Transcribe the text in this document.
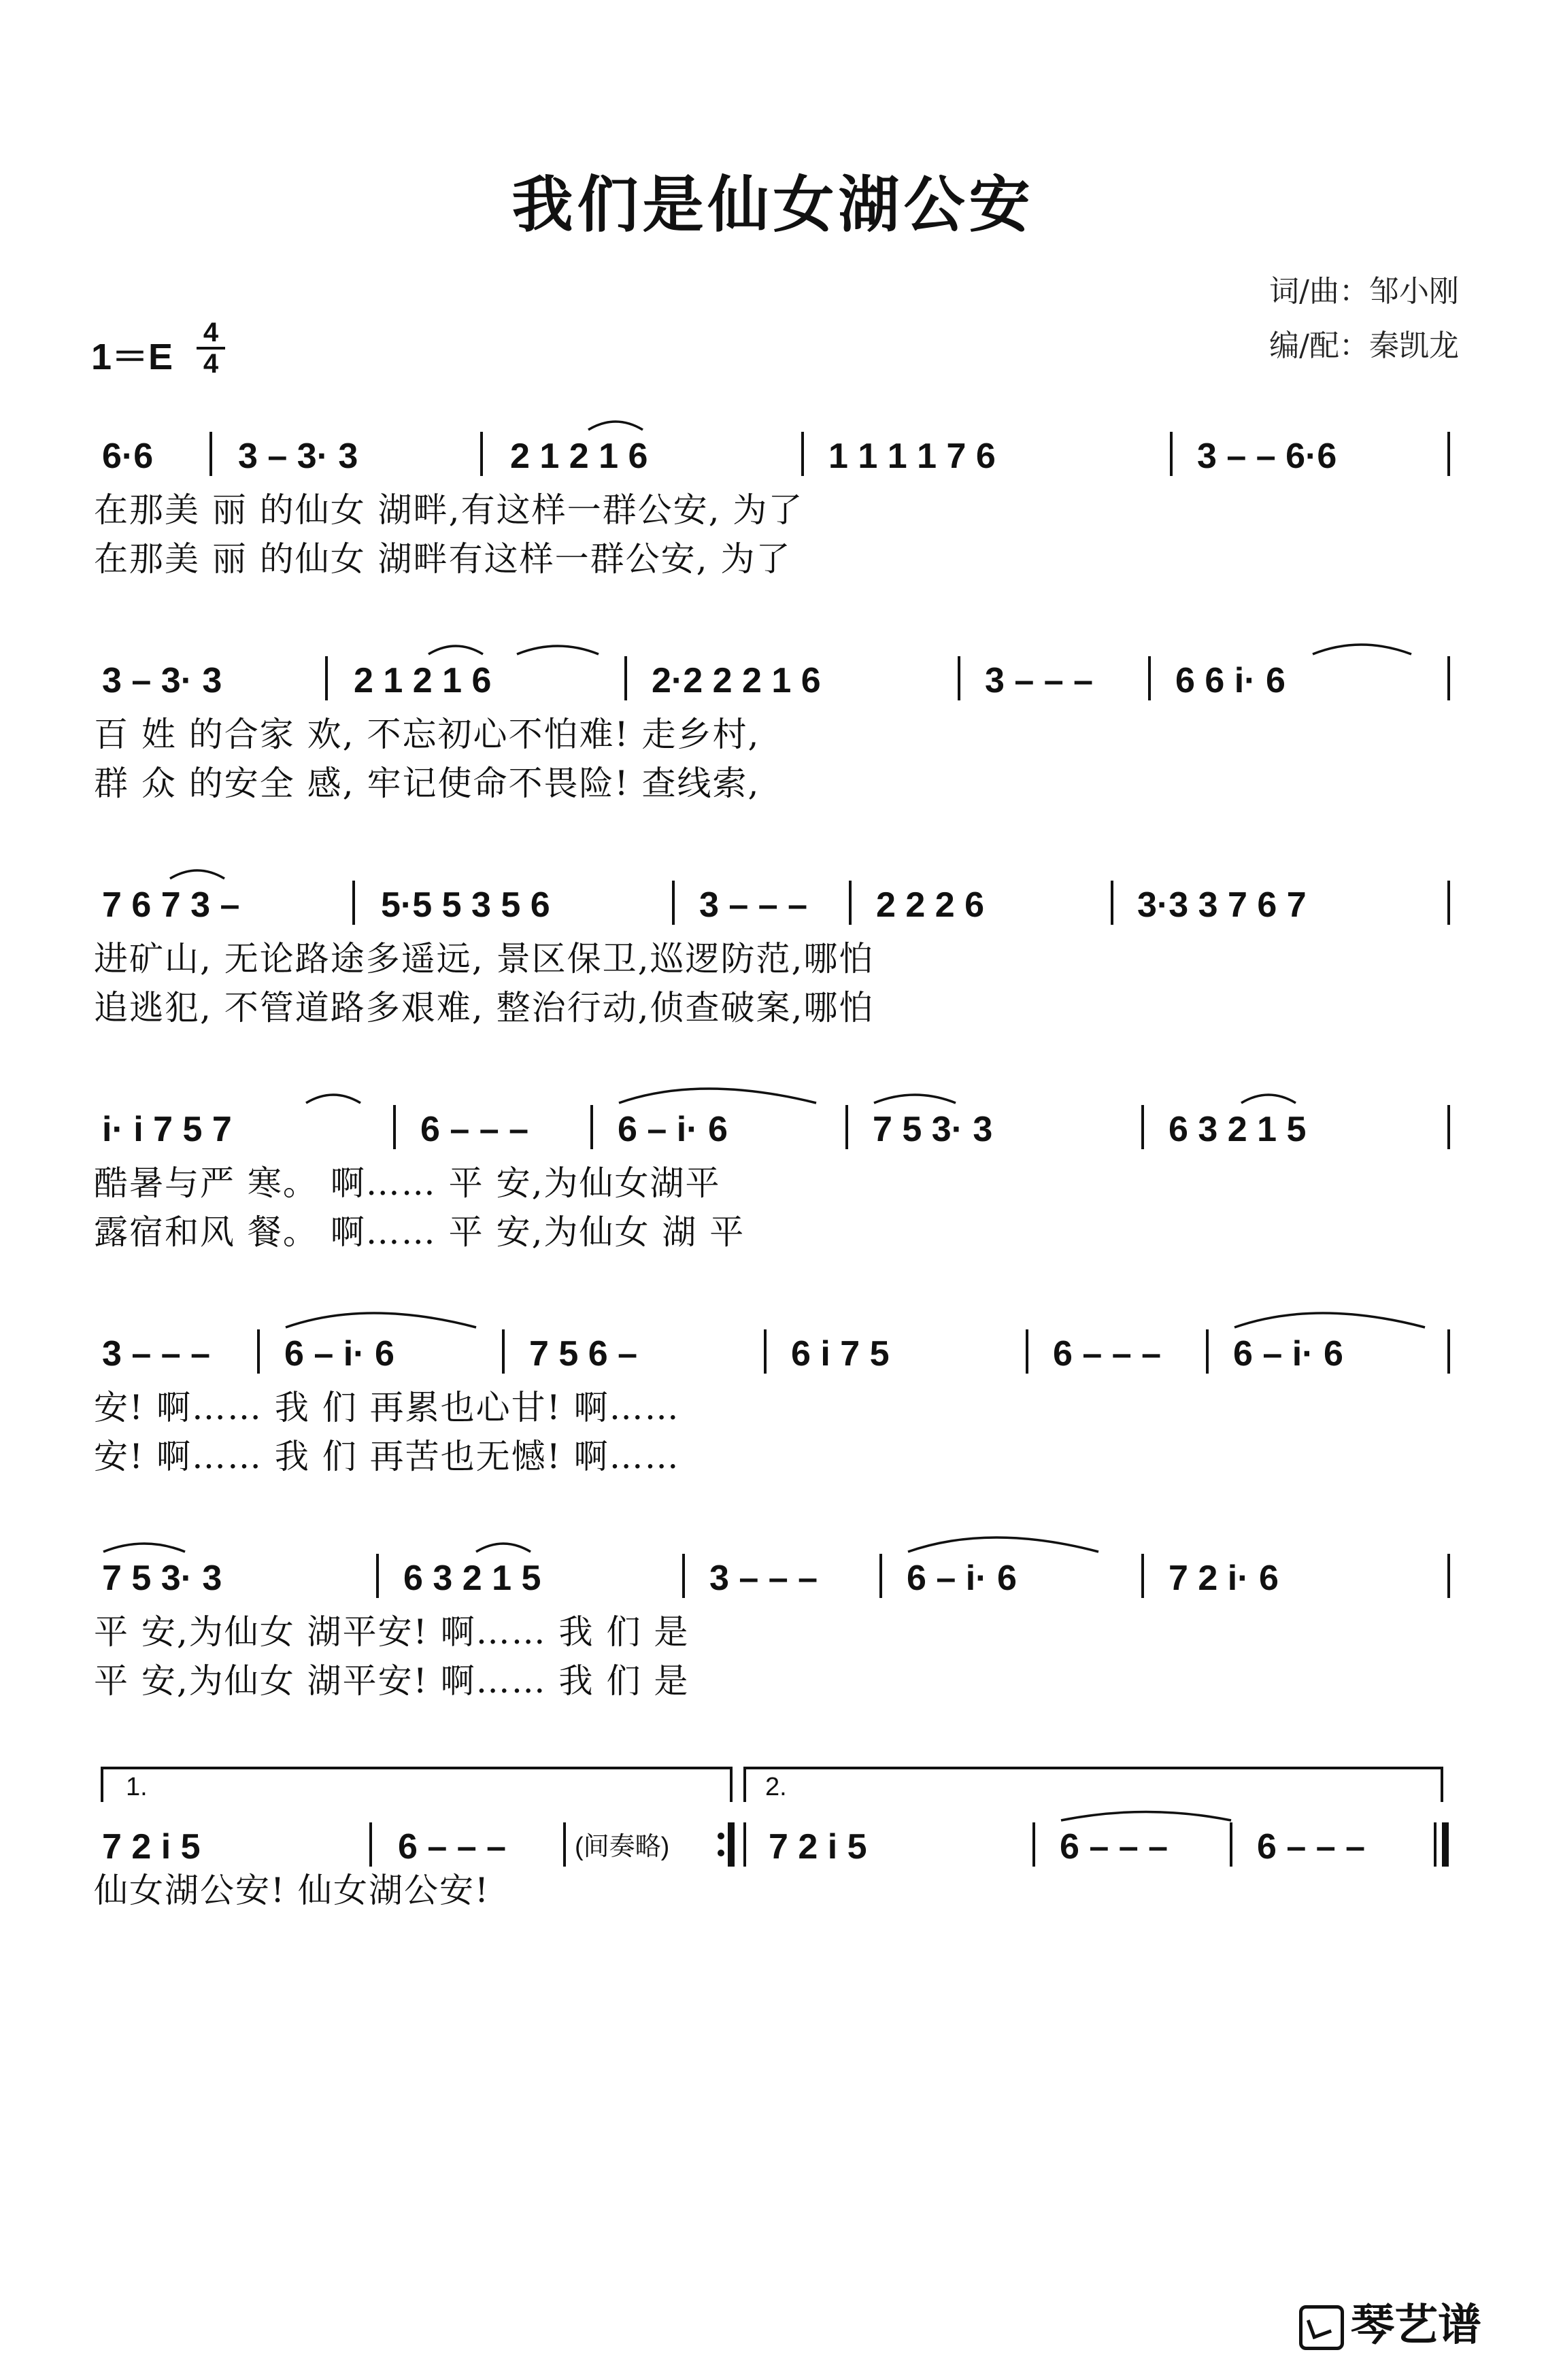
我们是仙女湖公安
词/曲：邹小刚
编/配：秦凯龙
1＝E
4
4
6·6 3 – 3· 3	2 1 2 1 6	1 1 1 1 7 6	3 – – 6·6
在那美 丽 的仙女 湖畔,有这样一群公安, 为了
在那美 丽 的仙女 湖畔有这样一群公安, 为了
3 – 3· 3	2 1 2 1 6	2·2 2 2 1 6	3 – – – 6 6 i· 6
百 姓 的合家 欢, 不忘初心不怕难! 走乡村,
群 众 的安全 感, 牢记使命不畏险! 查线索,
7 6 7 3 –	5·5 5 3 5 6	3 – – – 2 2 2 6	3·3 3 7 6 7
进矿山, 无论路途多遥远, 景区保卫,巡逻防范,哪怕
追逃犯, 不管道路多艰难, 整治行动,侦查破案,哪怕
i· i 7 5 7	6 – – –	6 – i· 6	7 5 3· 3	6 3 2 1 5
酷暑与严 寒。 啊…… 平 安,为仙女湖平
露宿和风 餐。 啊…… 平 安,为仙女 湖 平
3 – – – 6 – i· 6	7 5 6 –	6 i 7 5	6 – – – 6 – i· 6
安! 啊…… 我 们 再累也心甘! 啊……
安! 啊…… 我 们 再苦也无憾! 啊……
7 5 3· 3	6 3 2 1 5	3 – – –	6 – i· 6	7 2 i· 6
平 安,为仙女 湖平安! 啊…… 我 们 是
平 安,为仙女 湖平安! 啊…… 我 们 是
1.	2.
7 2 i 5	6 – – –	7 2 i 5	6 – – –	6 – – –
(间奏略)
仙女湖公安! 仙女湖公安!
琴艺谱
